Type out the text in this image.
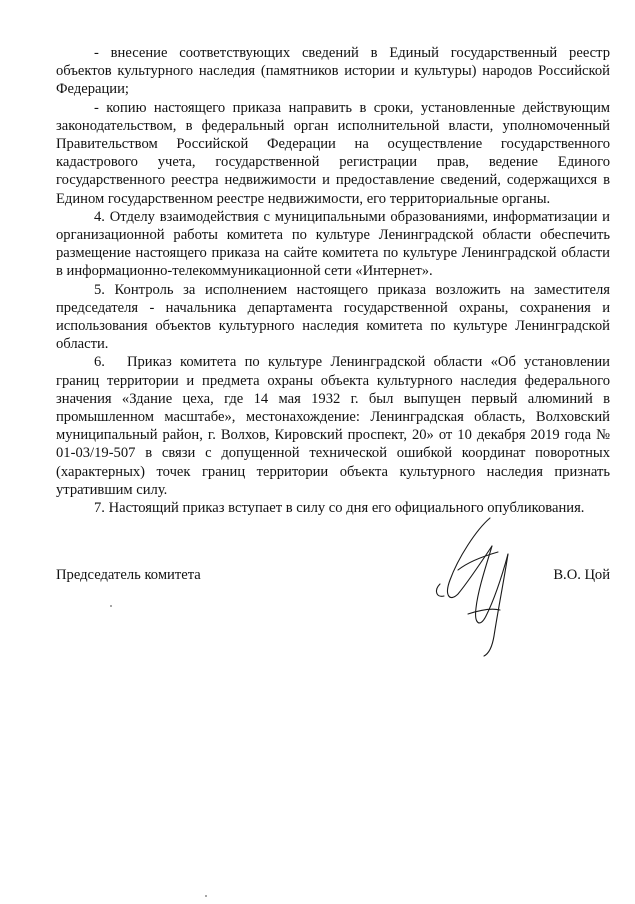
- внесение соответствующих сведений в Единый государственный реестр объектов культурного наследия (памятников истории и культуры) народов Российской Федерации;

- копию настоящего приказа направить в сроки, установленные действующим законодательством, в федеральный орган исполнительной власти, уполномоченный Правительством Российской Федерации на осуществление государственного кадастрового учета, государственной регистрации прав, ведение Единого государственного реестра недвижимости и предоставление сведений, содержащихся в Едином государственном реестре недвижимости, его территориальные органы.

4. Отделу взаимодействия с муниципальными образованиями, информатизации и организационной работы комитета по культуре Ленинградской области обеспечить размещение настоящего приказа на сайте комитета по культуре Ленинградской области в информационно-телекоммуникационной сети «Интернет».

5. Контроль за исполнением настоящего приказа возложить на заместителя председателя - начальника департамента государственной охраны, сохранения и использования объектов культурного наследия комитета по культуре Ленинградской области.

6. Приказ комитета по культуре Ленинградской области «Об установлении границ территории и предмета охраны объекта культурного наследия федерального значения «Здание цеха, где 14 мая 1932 г. был выпущен первый алюминий в промышленном масштабе», местонахождение: Ленинградская область, Волховский муниципальный район, г. Волхов, Кировский проспект, 20» от 10 декабря 2019 года № 01-03/19-507 в связи с допущенной технической ошибкой координат поворотных (характерных) точек границ территории объекта культурного наследия признать утратившим силу.

7. Настоящий приказ вступает в силу со дня его официального опубликования.

Председатель комитета	В.О. Цой
